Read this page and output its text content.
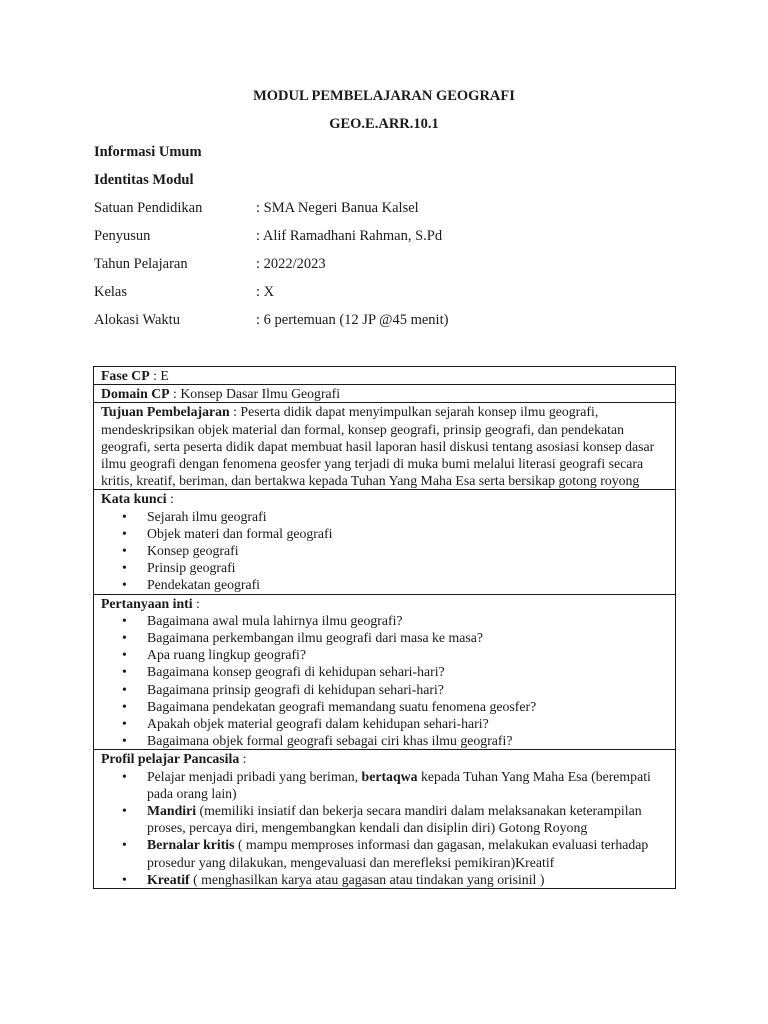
MODUL PEMBELAJARAN GEOGRAFI
GEO.E.ARR.10.1
Informasi Umum
Identitas Modul
Satuan Pendidikan	: SMA Negeri Banua Kalsel
Penyusun	: Alif Ramadhani Rahman, S.Pd
Tahun Pelajaran	: 2022/2023
Kelas	: X
Alokasi Waktu	: 6 pertemuan (12 JP @45 menit)
Fase CP : E
Domain CP : Konsep Dasar Ilmu Geografi
Tujuan Pembelajaran : Peserta didik dapat menyimpulkan sejarah konsep ilmu geografi, mendeskripsikan objek material dan formal, konsep geografi, prinsip geografi, dan pendekatan geografi, serta peserta didik dapat membuat hasil laporan hasil diskusi tentang asosiasi konsep dasar ilmu geografi dengan fenomena geosfer yang terjadi di muka bumi melalui literasi geografi secara kritis, kreatif, beriman, dan bertakwa kepada Tuhan Yang Maha Esa serta bersikap gotong royong
Kata kunci :
• Sejarah ilmu geografi
• Objek materi dan formal geografi
• Konsep geografi
• Prinsip geografi
• Pendekatan geografi

Pertanyaan inti :
• Bagaimana awal mula lahirnya ilmu geografi?
• Bagaimana perkembangan ilmu geografi dari masa ke masa?
• Apa ruang lingkup geografi?
• Bagaimana konsep geografi di kehidupan sehari-hari?
• Bagaimana prinsip geografi di kehidupan sehari-hari?
• Bagaimana pendekatan geografi memandang suatu fenomena geosfer?
• Apakah objek material geografi dalam kehidupan sehari-hari?
• Bagaimana objek formal geografi sebagai ciri khas ilmu geografi?

Profil pelajar Pancasila :
• Pelajar menjadi pribadi yang beriman, bertaqwa kepada Tuhan Yang Maha Esa (berempati pada orang lain)
• Mandiri (memiliki insiatif dan bekerja secara mandiri dalam melaksanakan keterampilan proses, percaya diri, mengembangkan kendali dan disiplin diri) Gotong Royong
• Bernalar kritis ( mampu memproses informasi dan gagasan, melakukan evaluasi terhadap prosedur yang dilakukan, mengevaluasi dan merefleksi pemikiran)Kreatif
• Kreatif ( menghasilkan karya atau gagasan atau tindakan yang orisinil )
